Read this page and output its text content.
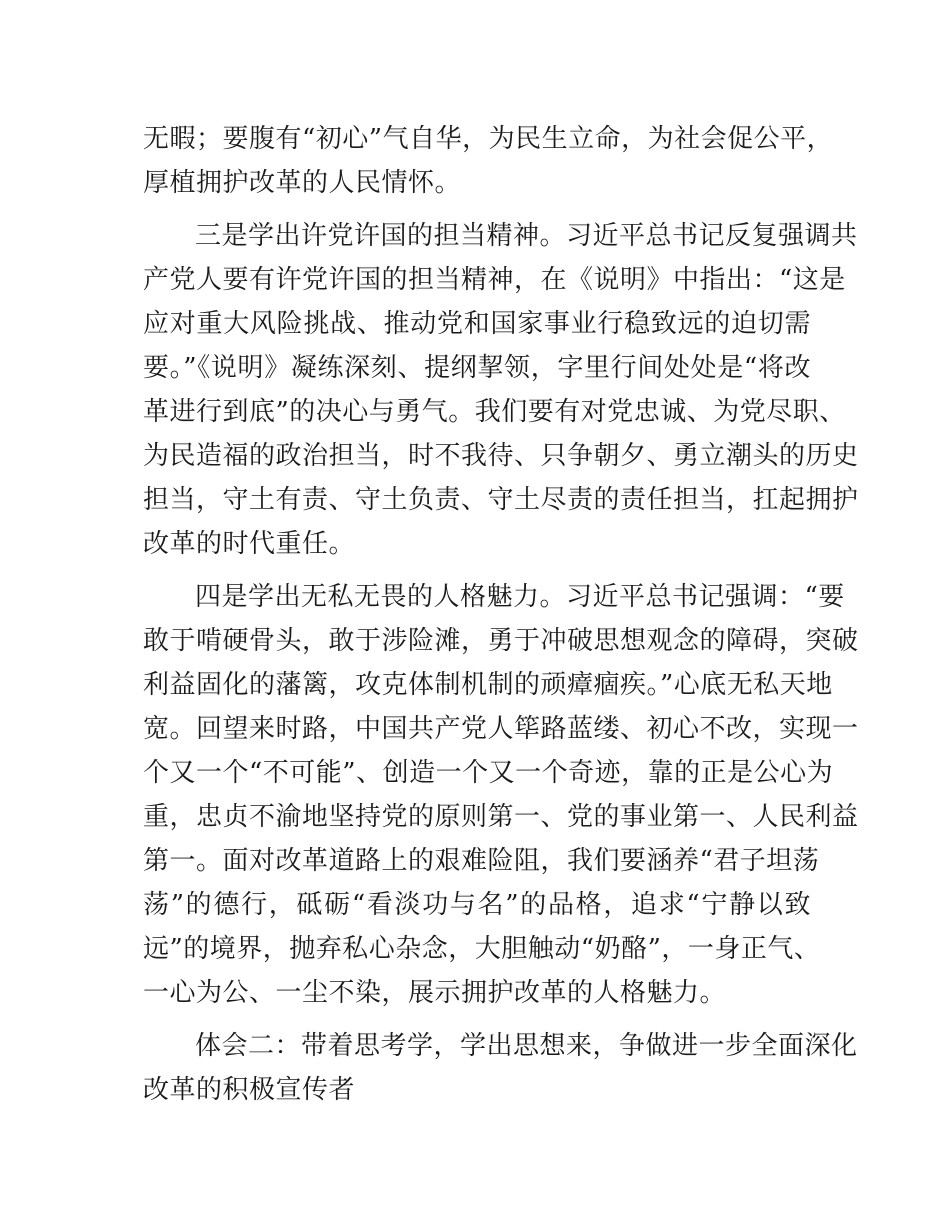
无暇；要腹有“初心”气自华，为民生立命，为社会促公平，
厚植拥护改革的人民情怀。
三是学出许党许国的担当精神。习近平总书记反复强调共
产党人要有许党许国的担当精神，在《说明》中指出：“这是
应对重大风险挑战、推动党和国家事业行稳致远的迫切需
要。”《说明》凝练深刻、提纲挈领，字里行间处处是“将改
革进行到底”的决心与勇气。我们要有对党忠诚、为党尽职、
为民造福的政治担当，时不我待、只争朝夕、勇立潮头的历史
担当，守土有责、守土负责、守土尽责的责任担当，扛起拥护
改革的时代重任。
四是学出无私无畏的人格魅力。习近平总书记强调：“要
敢于啃硬骨头，敢于涉险滩，勇于冲破思想观念的障碍，突破
利益固化的藩篱，攻克体制机制的顽瘴痼疾。”心底无私天地
宽。回望来时路，中国共产党人筚路蓝缕、初心不改，实现一
个又一个“不可能”、创造一个又一个奇迹，靠的正是公心为
重，忠贞不渝地坚持党的原则第一、党的事业第一、人民利益
第一。面对改革道路上的艰难险阻，我们要涵养“君子坦荡
荡”的德行，砥砺“看淡功与名”的品格，追求“宁静以致
远”的境界，抛弃私心杂念，大胆触动“奶酪”，一身正气、
一心为公、一尘不染，展示拥护改革的人格魅力。
体会二：带着思考学，学出思想来，争做进一步全面深化
改革的积极宣传者
